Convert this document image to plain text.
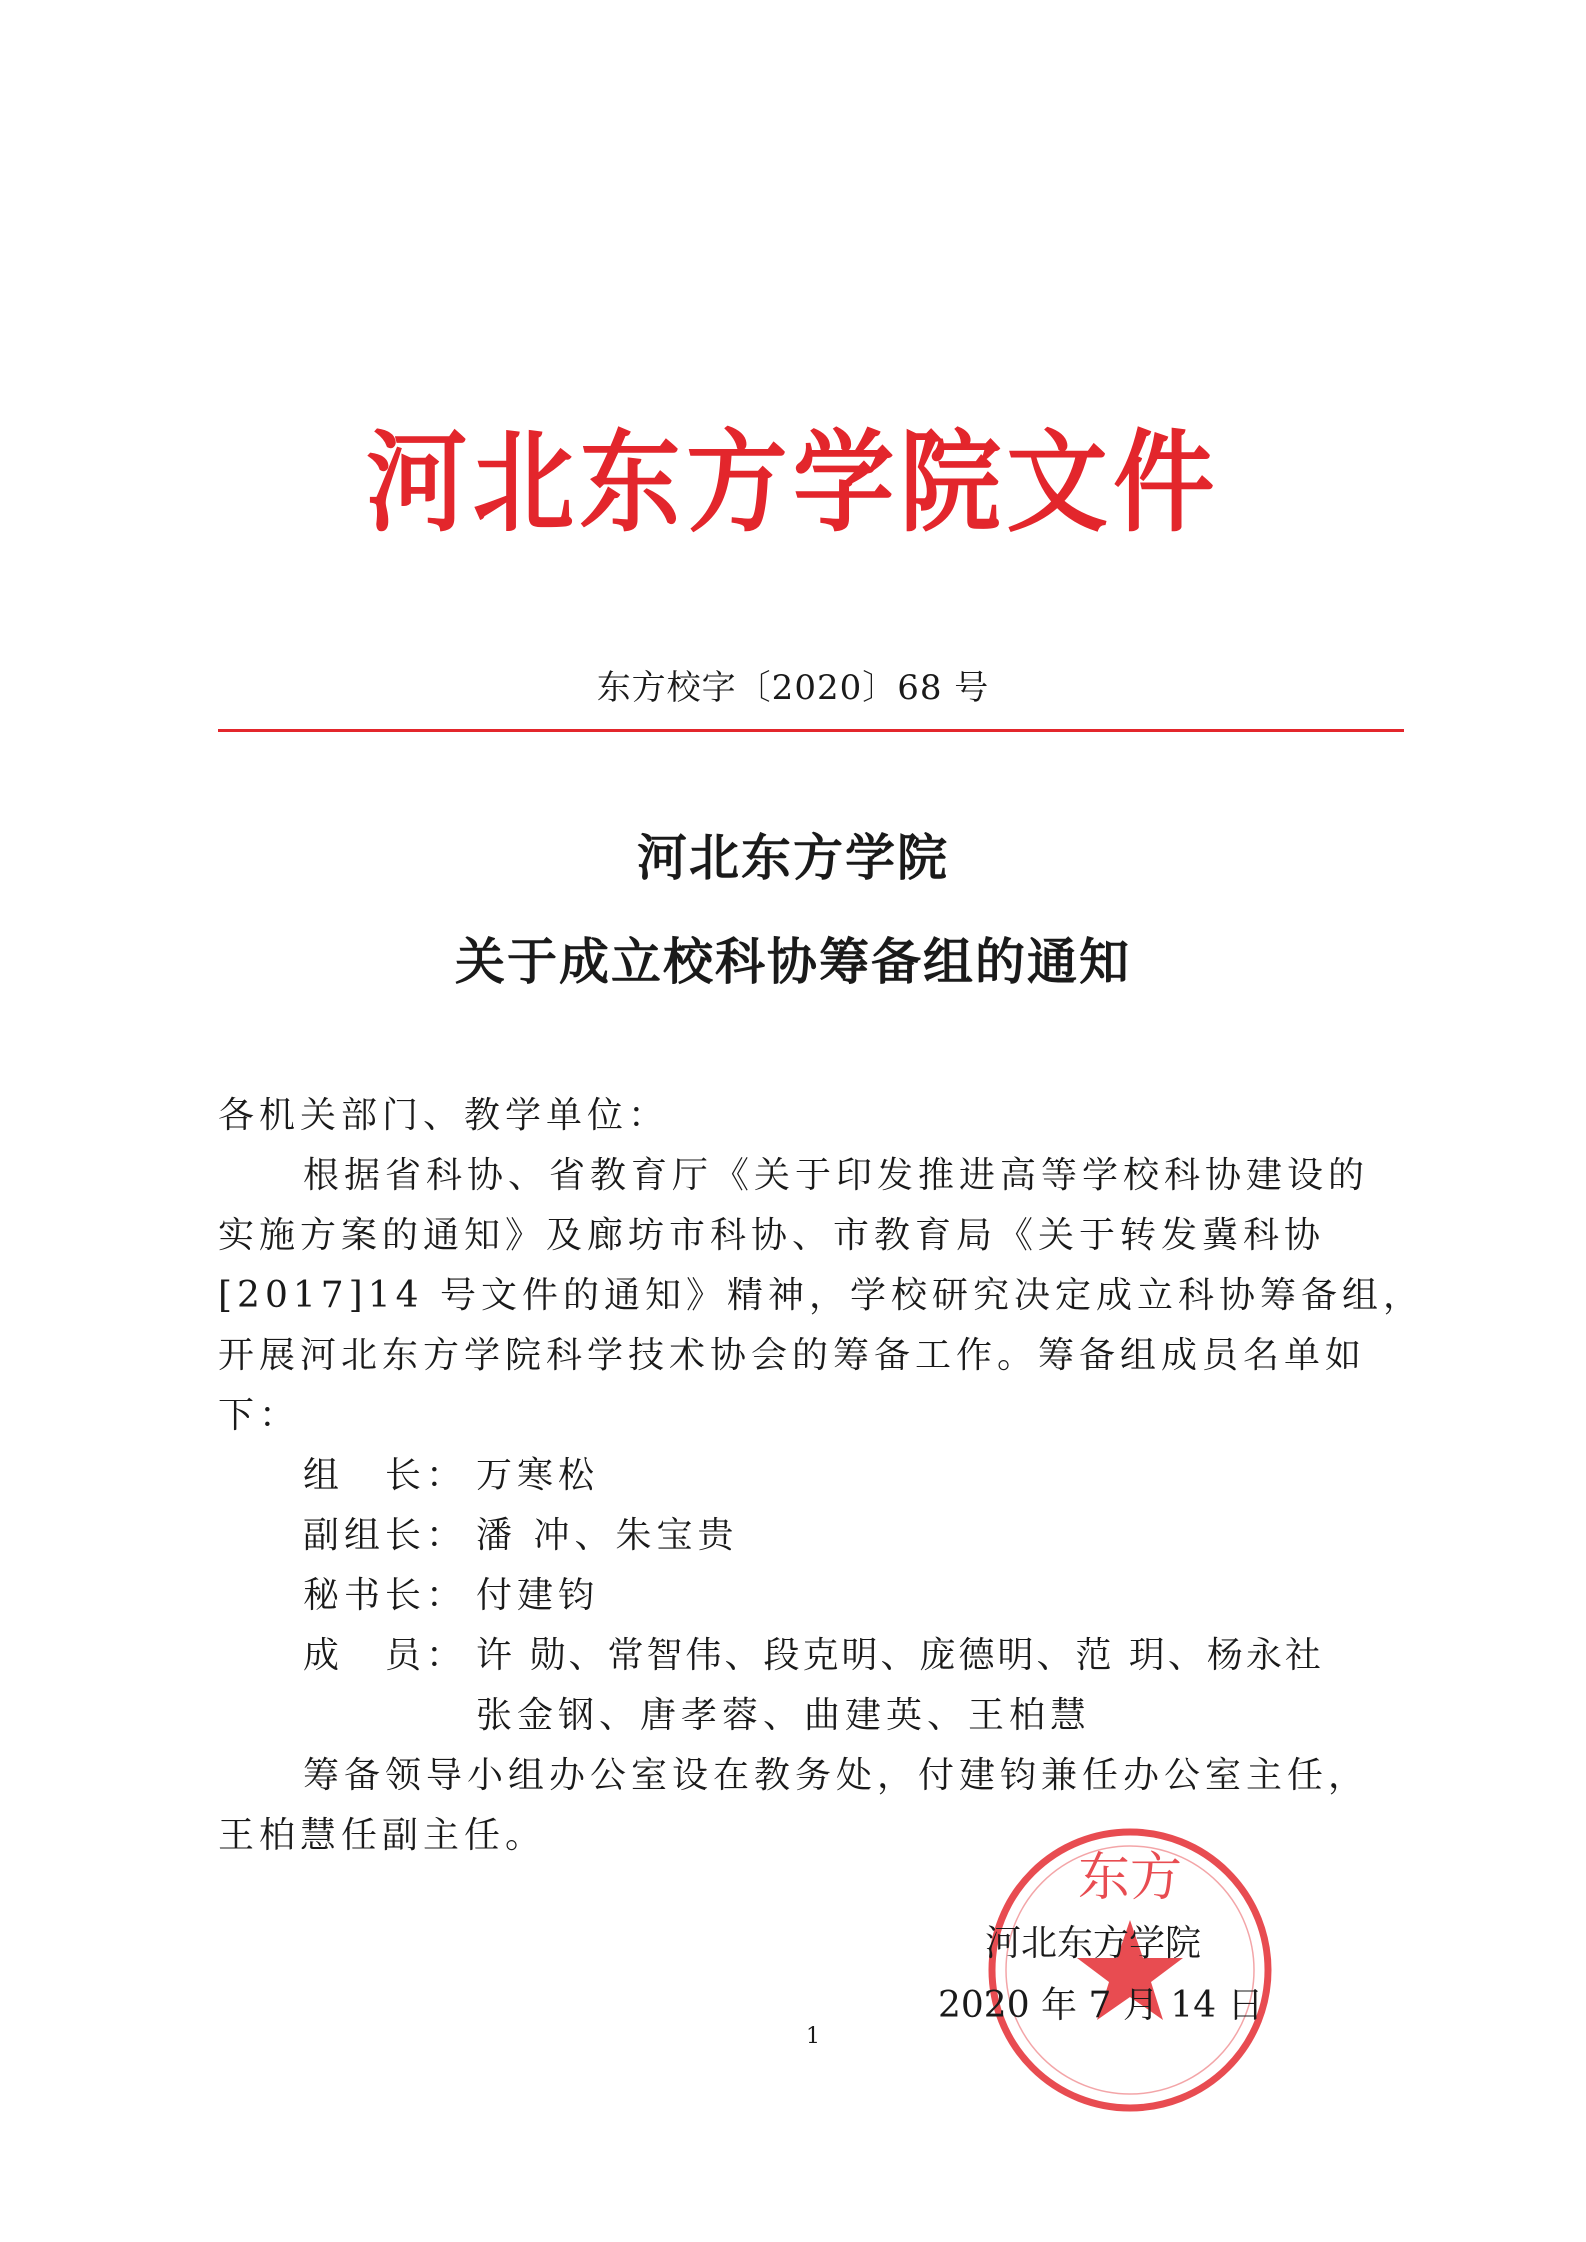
河北东方学院文件
东方校字〔2020〕68 号
河北东方学院
关于成立校科协筹备组的通知
各机关部门、教学单位：
根据省科协、省教育厅《关于印发推进高等学校科协建设的
实施方案的通知》及廊坊市科协、市教育局《关于转发冀科协
[2017]14 号文件的通知》精神，学校研究决定成立科协筹备组，
开展河北东方学院科学技术协会的筹备工作。筹备组成员名单如
下：
组　长： 万寒松
副组长： 潘 冲、朱宝贵
秘书长： 付建钧
成　员： 许 勋、常智伟、段克明、庞德明、范 玥、杨永社
张金钢、唐孝蓉、曲建英、王柏慧
筹备领导小组办公室设在教务处，付建钧兼任办公室主任，
王柏慧任副主任。
东方
河北东方学院
2020 年 7 月 14 日
1
